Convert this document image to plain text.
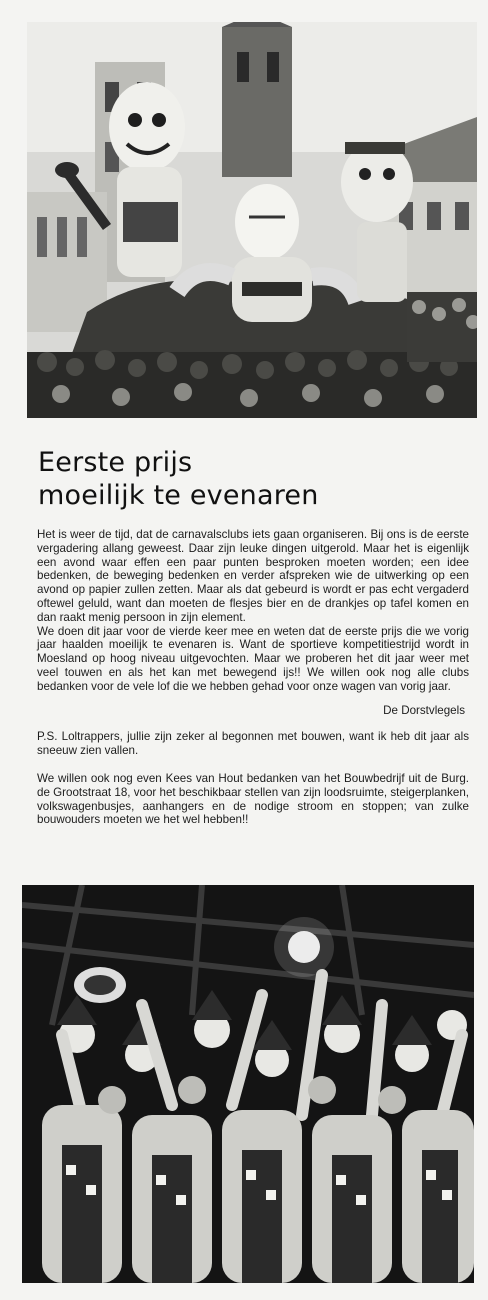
Eerste prijs
moeilijk te evenaren

Het is weer de tijd, dat de carnavalsclubs iets gaan organiseren. Bij ons is de eerste vergadering allang geweest. Daar zijn leuke dingen uitgerold. Maar het is eigenlijk een avond waar effen een paar punten besproken moeten worden; een idee bedenken, de beweging bedenken en verder afspreken wie de uitwerking op een avond op papier zullen zetten. Maar als dat gebeurd is wordt er pas echt vergaderd oftewel geluld, want dan moeten de flesjes bier en de drankjes op tafel komen en dan raakt menig persoon in zijn element.

We doen dit jaar voor de vierde keer mee en weten dat de eerste prijs die we vorig jaar haalden moeilijk te evenaren is. Want de sportieve kompetitiestrijd wordt in Moesland op hoog niveau uitgevochten. Maar we proberen het dit jaar weer met veel touwen en als het kan met bewegend ijs!! We willen ook nog alle clubs bedanken voor de vele lof die we hebben gehad voor onze wagen van vorig jaar.

De Dorstvlegels

P.S. Loltrappers, jullie zijn zeker al begonnen met bouwen, want ik heb dit jaar als sneeuw zien vallen.

We willen ook nog even Kees van Hout bedanken van het Bouwbedrijf uit de Burg. de Grootstraat 18, voor het beschikbaar stellen van zijn loodsruimte, steigerplanken, volkswagenbusjes, aanhangers en de nodige stroom en stoppen; van zulke bouwouders moeten we het wel hebben!!
